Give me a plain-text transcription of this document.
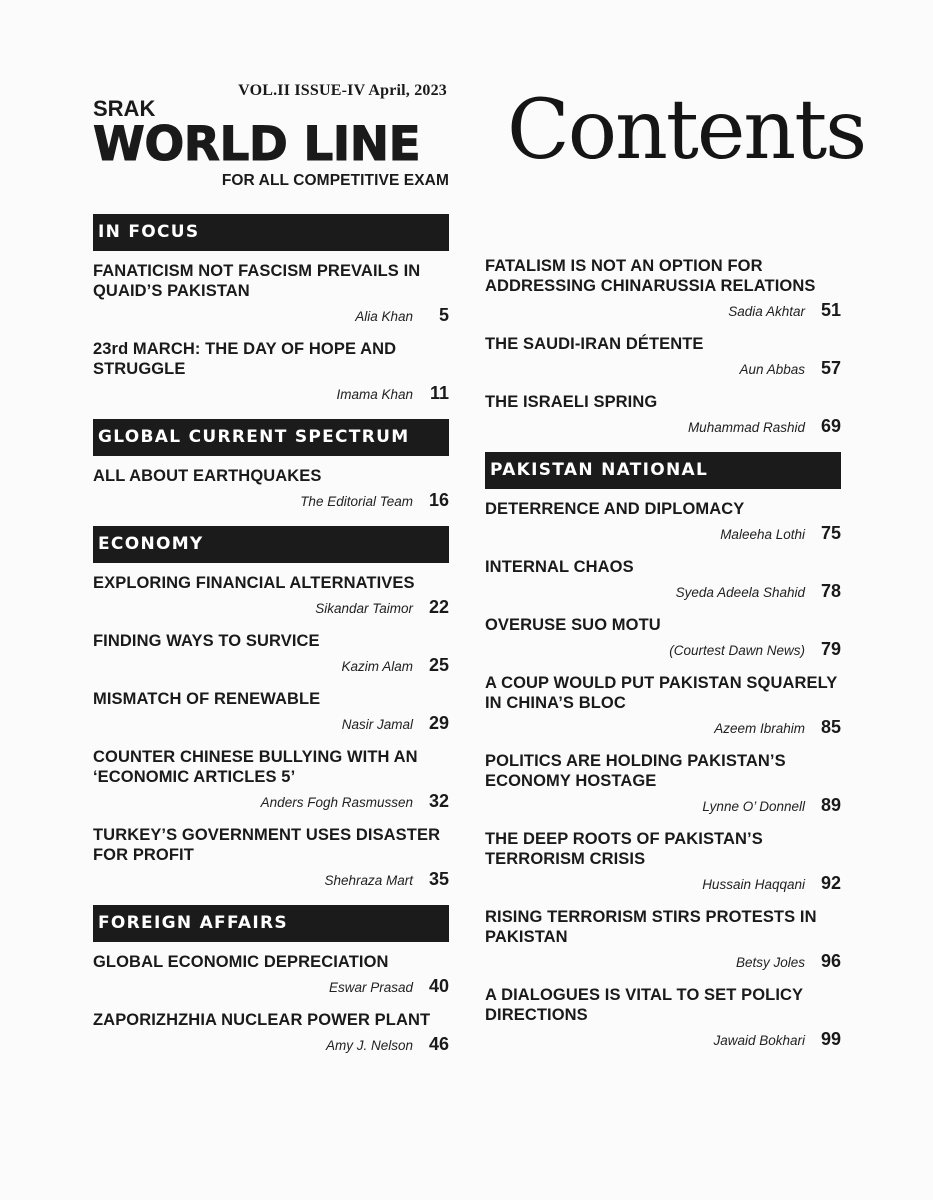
VOL.II ISSUE-IV April, 2023
SRAK
WORLD LINE
FOR ALL COMPETITIVE EXAM
Contents
IN FOCUS
FANATICISM NOT FASCISM PREVAILS IN QUAID’S PAKISTAN
Alia Khan	5
23rd MARCH: THE DAY OF HOPE AND STRUGGLE
Imama Khan 11
GLOBAL CURRENT SPECTRUM
ALL ABOUT EARTHQUAKES
The Editorial Team 16
ECONOMY
EXPLORING FINANCIAL ALTERNATIVES
Sikandar Taimor 22
FINDING WAYS TO SURVICE
Kazim Alam 25
MISMATCH OF RENEWABLE
Nasir Jamal 29
COUNTER CHINESE BULLYING WITH AN ‘ECONOMIC ARTICLES 5’
Anders Fogh Rasmussen 32
TURKEY’S GOVERNMENT USES DISASTER FOR PROFIT
Shehraza Mart 35
FOREIGN AFFAIRS
GLOBAL ECONOMIC DEPRECIATION
Eswar Prasad 40
ZAPORIZHZHIA NUCLEAR POWER PLANT
Amy J. Nelson 46
FATALISM IS NOT AN OPTION FOR ADDRESSING CHINARUSSIA RELATIONS
Sadia Akhtar 51
THE SAUDI-IRAN DÉTENTE
Aun Abbas 57
THE ISRAELI SPRING
Muhammad Rashid 69
PAKISTAN NATIONAL
DETERRENCE AND DIPLOMACY
Maleeha Lothi 75
INTERNAL CHAOS
Syeda Adeela Shahid 78
OVERUSE SUO MOTU
(Courtest Dawn News) 79
A COUP WOULD PUT PAKISTAN SQUARELY IN CHINA’S BLOC
Azeem Ibrahim 85
POLITICS ARE HOLDING PAKISTAN’S ECONOMY HOSTAGE
Lynne O’ Donnell 89
THE DEEP ROOTS OF PAKISTAN’S TERRORISM CRISIS
Hussain Haqqani 92
RISING TERRORISM STIRS PROTESTS IN PAKISTAN
Betsy Joles 96
A DIALOGUES IS VITAL TO SET POLICY DIRECTIONS
Jawaid Bokhari 99
